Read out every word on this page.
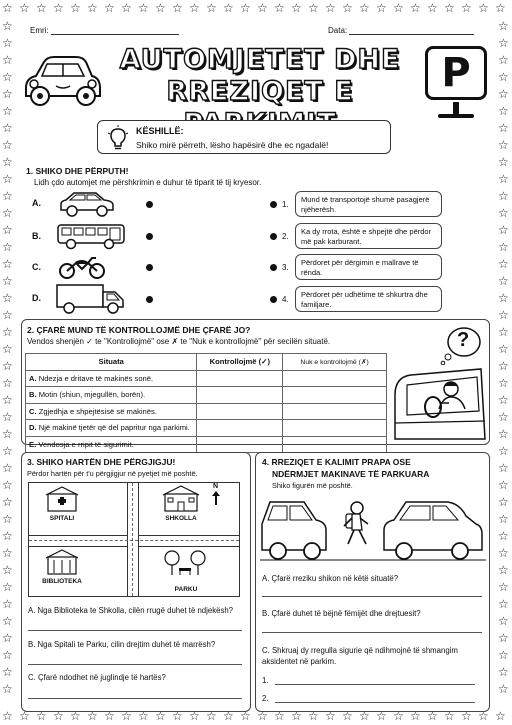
☆
☆
☆
☆
☆
☆
☆
☆
☆
☆
☆
☆
☆
☆
☆
☆
☆
☆
☆
☆
☆
☆
☆
☆
☆
☆
☆
☆
☆
☆
☆
☆
☆
☆
☆
☆
☆
☆
☆
☆
☆
☆
☆
☆
☆
☆
☆
☆
☆
☆
☆
☆
☆
☆
☆
☆
☆
☆
☆
☆
☆	☆
☆	☆
☆	☆
☆	☆
☆	☆
☆	☆
☆	☆
☆	☆
☆	☆
☆	☆
☆	☆
☆	☆
☆	☆
☆	☆
☆	☆
☆	☆
☆	☆
☆	☆
☆	☆
☆	☆
☆	☆
☆	☆
☆	☆
☆	☆
☆	☆
☆	☆
☆	☆
☆	☆
☆	☆
☆	☆
☆	☆
☆	☆
☆	☆
☆	☆
☆	☆
☆	☆
☆	☆
☆	☆
☆	☆
☆	☆
Emri:	Data:
AUTOMJETET DHE
RREZIQET E	P
KËSHILLË:
Shiko mirë përreth, lësho hapësirë dhe ec ngadalë!
1. SHIKO DHE PËRPUTH!
Lidh çdo automjet me përshkrimin e duhur të tiparit të tij kryesor.
A.
B.
C.
D.
1.
2.
3.
4.
Mund të transportojë shumë pasagjerë njëherësh.
Ka dy rrota, është e shpejtë dhe përdor më pak karburant.
Përdoret për dërgimin e mallrave të rënda.
Përdoret për udhëtime të shkurtra dhe familjare.
2. ÇFARË MUND TË KONTROLLOJMË DHE ÇFARË JO?
Vendos shenjën ✓ te "Kontrollojmë" ose ✗ te "Nuk e kontrollojmë" për secilën situatë.
Situata	Kontrollojmë (✓)	Nuk e kontrollojmë (✗)
A. Ndezja e dritave të makinës sonë.		
B. Motin (shiun, mjegullën, borën).		
C. Zgjedhja e shpejtësisë së makinës.		
D. Një makinë tjetër që del papritur nga parkimi.		
E. Vendosja e rripit të sigurimit.		
?
3. SHIKO HARTËN DHE PËRGJIGJU!
Përdor hartën për t'u përgjigjur në pyetjet më poshtë.
SPITALI	SHKOLLA
N
BIBLIOTEKA
PARKU
A. Nga Biblioteka te Shkolla, cilën rrugë duhet të ndjekësh?
B. Nga Spitali te Parku, cilin drejtim duhet të marrësh?
C. Çfarë ndodhet në juglindje të hartës?
4. RREZIQET E KALIMIT PRAPA OSE
NDËRMJET MAKINAVE TË PARKUARA
Shiko figurën më poshtë.
A. Çfarë rreziku shikon në këtë situatë?
B. Çfarë duhet të bëjnë fëmijët dhe drejtuesit?
C. Shkruaj dy rregulla sigurie që ndihmojnë të shmangim aksidentet në parkim.
1.
2.
